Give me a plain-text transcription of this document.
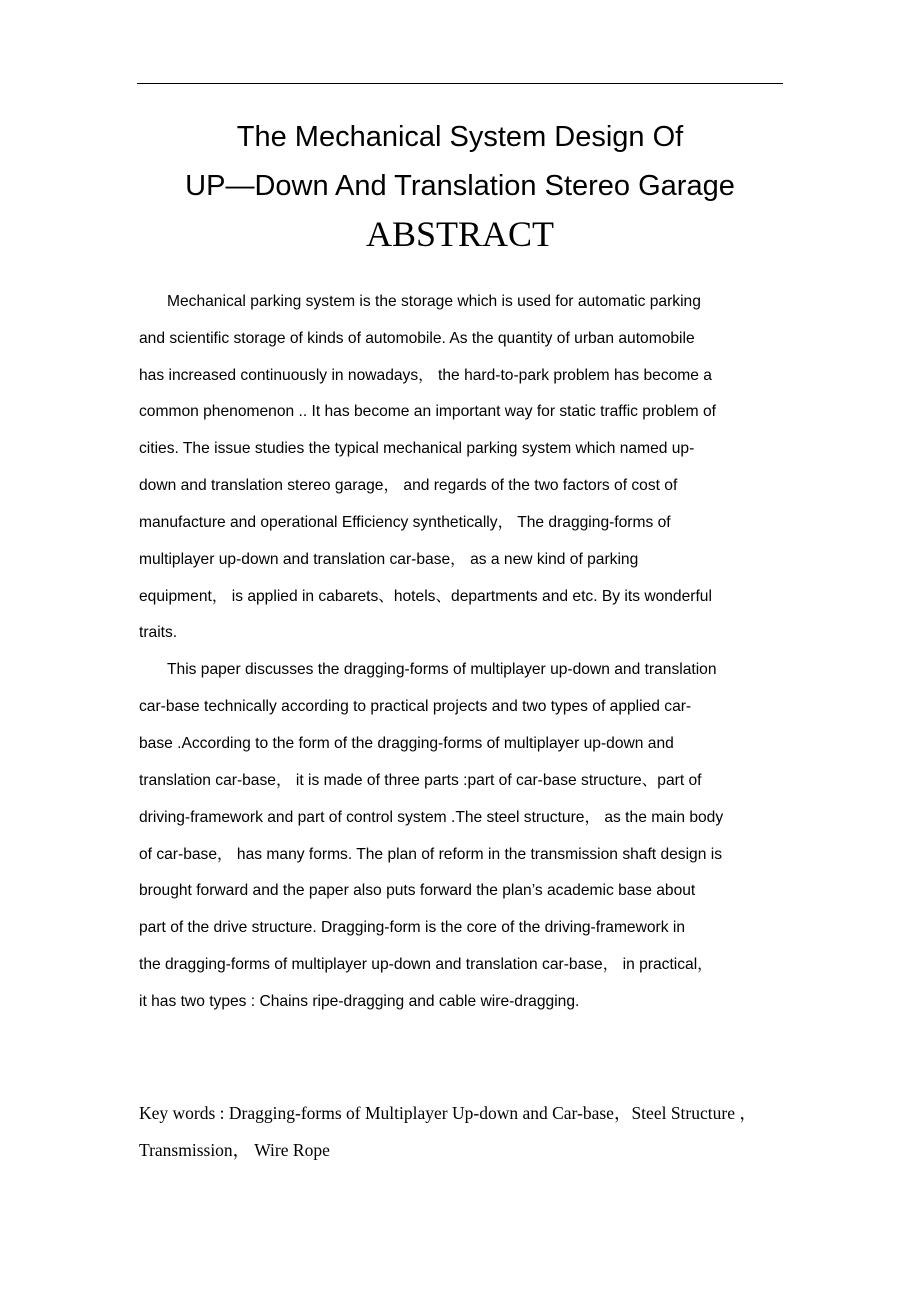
The Mechanical System Design Of
UP—Down And Translation Stereo Garage
ABSTRACT
Mechanical parking system is the storage which is used for automatic parking
and scientific storage of kinds of automobile. As the quantity of urban automobile
has increased continuously in nowadays， the hard-to-park problem has become a
common phenomenon .. It has become an important way for static traffic problem of
cities. The issue studies the typical mechanical parking system which named up-
down and translation stereo garage， and regards of the two factors of cost of
manufacture and operational Efficiency synthetically， The dragging-forms of
multiplayer up-down and translation car-base， as a new kind of parking
equipment， is applied in cabarets、hotels、departments and etc. By its wonderful
traits.
This paper discusses the dragging-forms of multiplayer up-down and translation
car-base technically according to practical projects and two types of applied car-
base .According to the form of the dragging-forms of multiplayer up-down and
translation car-base， it is made of three parts :part of car-base structure、part of
driving-framework and part of control system .The steel structure， as the main body
of car-base， has many forms. The plan of reform in the transmission shaft design is
brought forward and the paper also puts forward the plan’s academic base about
part of the drive structure. Dragging-form is the core of the driving-framework in
the dragging-forms of multiplayer up-down and translation car-base， in practical，
it has two types : Chains ripe-dragging and cable wire-dragging.
Key words : Dragging-forms of Multiplayer Up-down and Car-base，Steel Structure ，
Transmission， Wire Rope
